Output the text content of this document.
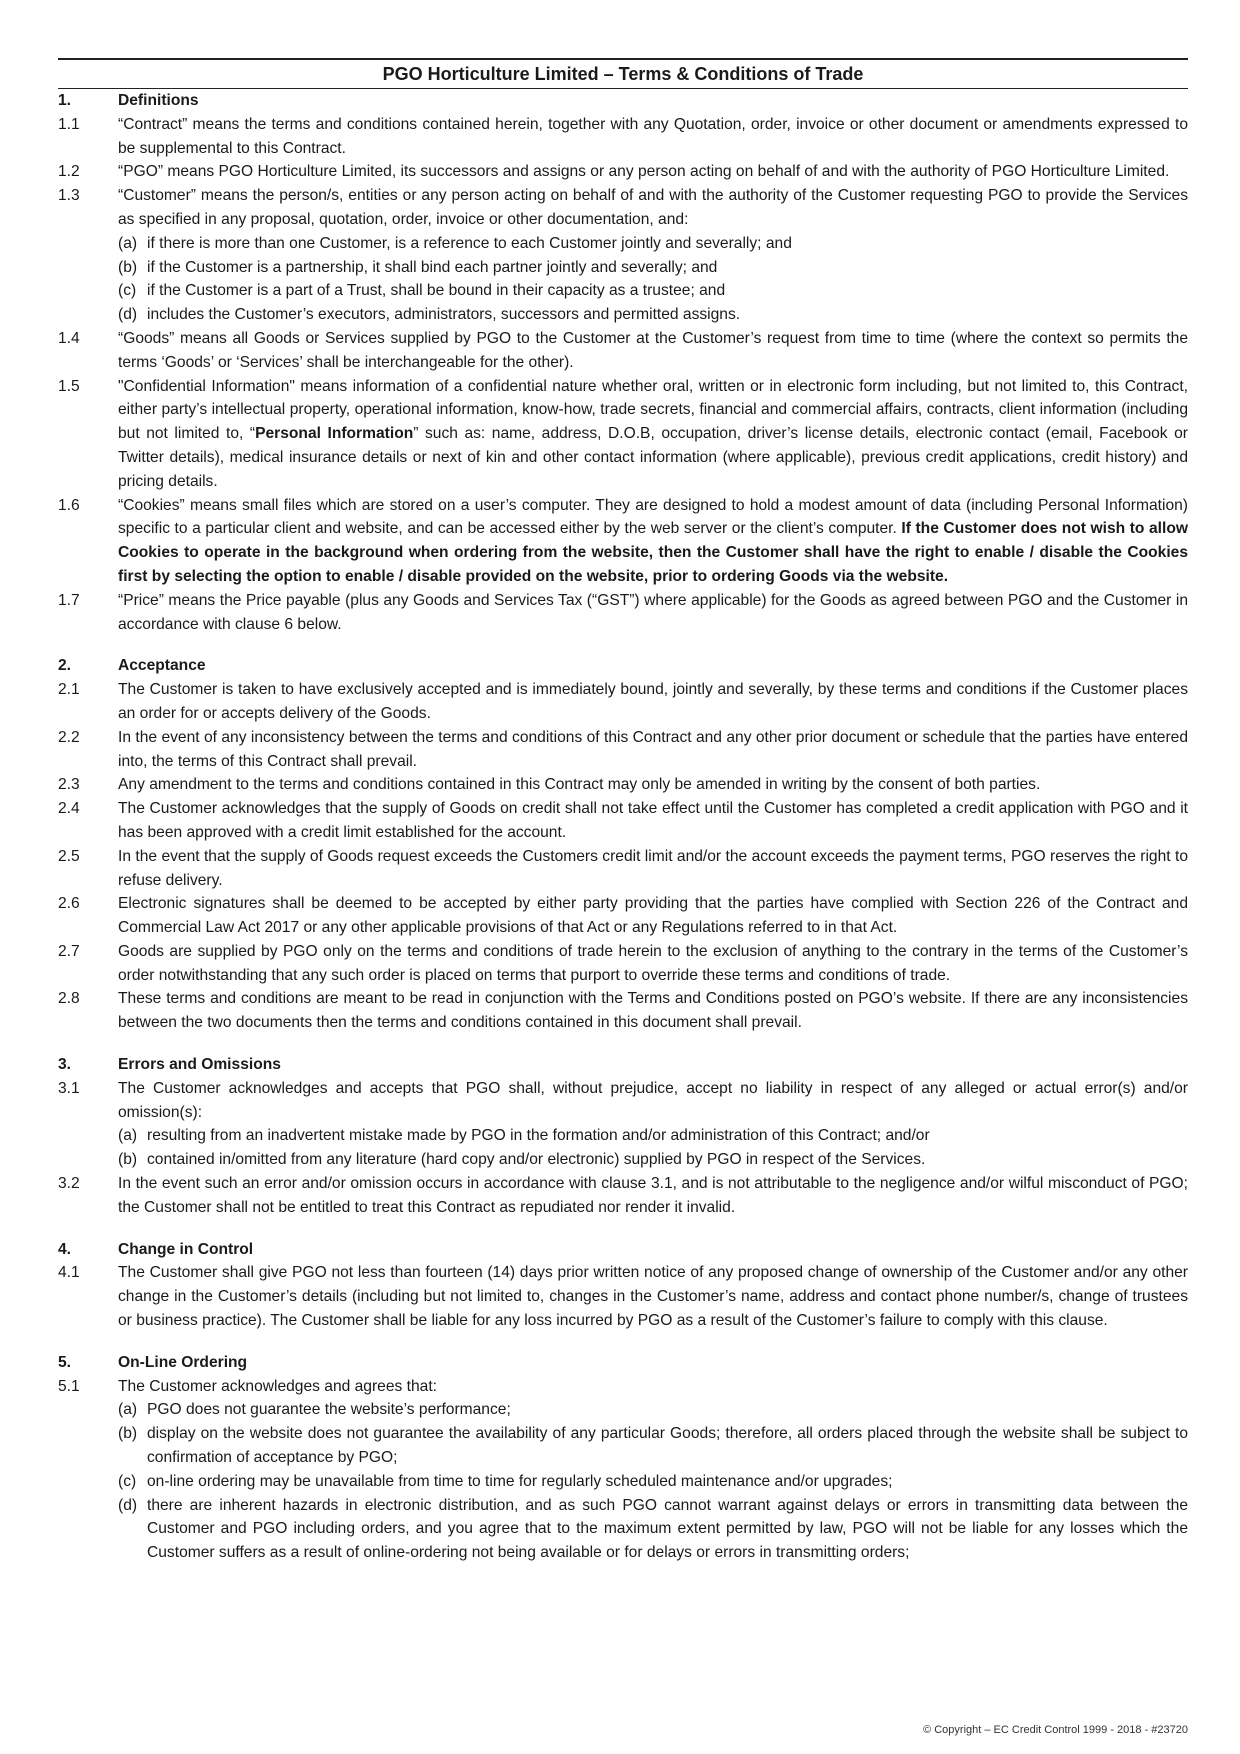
PGO Horticulture Limited – Terms & Conditions of Trade
1.	Definitions
1.1	“Contract” means the terms and conditions contained herein, together with any Quotation, order, invoice or other document or amendments expressed to be supplemental to this Contract.
1.2	“PGO” means PGO Horticulture Limited, its successors and assigns or any person acting on behalf of and with the authority of PGO Horticulture Limited.
1.3	“Customer” means the person/s, entities or any person acting on behalf of and with the authority of the Customer requesting PGO to provide the Services as specified in any proposal, quotation, order, invoice or other documentation, and:
(a) if there is more than one Customer, is a reference to each Customer jointly and severally; and
(b) if the Customer is a partnership, it shall bind each partner jointly and severally; and
(c) if the Customer is a part of a Trust, shall be bound in their capacity as a trustee; and
(d) includes the Customer’s executors, administrators, successors and permitted assigns.
1.4	“Goods” means all Goods or Services supplied by PGO to the Customer at the Customer’s request from time to time (where the context so permits the terms ‘Goods’ or ‘Services’ shall be interchangeable for the other).
1.5	"Confidential Information" means information of a confidential nature whether oral, written or in electronic form including, but not limited to, this Contract, either party’s intellectual property, operational information, know-how, trade secrets, financial and commercial affairs, contracts, client information (including but not limited to, “Personal Information” such as: name, address, D.O.B, occupation, driver’s license details, electronic contact (email, Facebook or Twitter details), medical insurance details or next of kin and other contact information (where applicable), previous credit applications, credit history) and pricing details.
1.6	“Cookies” means small files which are stored on a user’s computer. They are designed to hold a modest amount of data (including Personal Information) specific to a particular client and website, and can be accessed either by the web server or the client’s computer. If the Customer does not wish to allow Cookies to operate in the background when ordering from the website, then the Customer shall have the right to enable / disable the Cookies first by selecting the option to enable / disable provided on the website, prior to ordering Goods via the website.
1.7	“Price” means the Price payable (plus any Goods and Services Tax (“GST”) where applicable) for the Goods as agreed between PGO and the Customer in accordance with clause 6 below.
2.	Acceptance
2.1	The Customer is taken to have exclusively accepted and is immediately bound, jointly and severally, by these terms and conditions if the Customer places an order for or accepts delivery of the Goods.
2.2	In the event of any inconsistency between the terms and conditions of this Contract and any other prior document or schedule that the parties have entered into, the terms of this Contract shall prevail.
2.3	Any amendment to the terms and conditions contained in this Contract may only be amended in writing by the consent of both parties.
2.4	The Customer acknowledges that the supply of Goods on credit shall not take effect until the Customer has completed a credit application with PGO and it has been approved with a credit limit established for the account.
2.5	In the event that the supply of Goods request exceeds the Customers credit limit and/or the account exceeds the payment terms, PGO reserves the right to refuse delivery.
2.6	Electronic signatures shall be deemed to be accepted by either party providing that the parties have complied with Section 226 of the Contract and Commercial Law Act 2017 or any other applicable provisions of that Act or any Regulations referred to in that Act.
2.7	Goods are supplied by PGO only on the terms and conditions of trade herein to the exclusion of anything to the contrary in the terms of the Customer’s order notwithstanding that any such order is placed on terms that purport to override these terms and conditions of trade.
2.8	These terms and conditions are meant to be read in conjunction with the Terms and Conditions posted on PGO’s website. If there are any inconsistencies between the two documents then the terms and conditions contained in this document shall prevail.
3.	Errors and Omissions
3.1	The Customer acknowledges and accepts that PGO shall, without prejudice, accept no liability in respect of any alleged or actual error(s) and/or omission(s):
(a) resulting from an inadvertent mistake made by PGO in the formation and/or administration of this Contract; and/or
(b) contained in/omitted from any literature (hard copy and/or electronic) supplied by PGO in respect of the Services.
3.2	In the event such an error and/or omission occurs in accordance with clause 3.1, and is not attributable to the negligence and/or wilful misconduct of PGO; the Customer shall not be entitled to treat this Contract as repudiated nor render it invalid.
4.	Change in Control
4.1	The Customer shall give PGO not less than fourteen (14) days prior written notice of any proposed change of ownership of the Customer and/or any other change in the Customer’s details (including but not limited to, changes in the Customer’s name, address and contact phone number/s, change of trustees or business practice). The Customer shall be liable for any loss incurred by PGO as a result of the Customer’s failure to comply with this clause.
5.	On-Line Ordering
5.1	The Customer acknowledges and agrees that:
(a) PGO does not guarantee the website’s performance;
(b) display on the website does not guarantee the availability of any particular Goods; therefore, all orders placed through the website shall be subject to confirmation of acceptance by PGO;
(c) on-line ordering may be unavailable from time to time for regularly scheduled maintenance and/or upgrades;
(d) there are inherent hazards in electronic distribution, and as such PGO cannot warrant against delays or errors in transmitting data between the Customer and PGO including orders, and you agree that to the maximum extent permitted by law, PGO will not be liable for any losses which the Customer suffers as a result of online-ordering not being available or for delays or errors in transmitting orders;
© Copyright – EC Credit Control 1999 - 2018 - #23720
